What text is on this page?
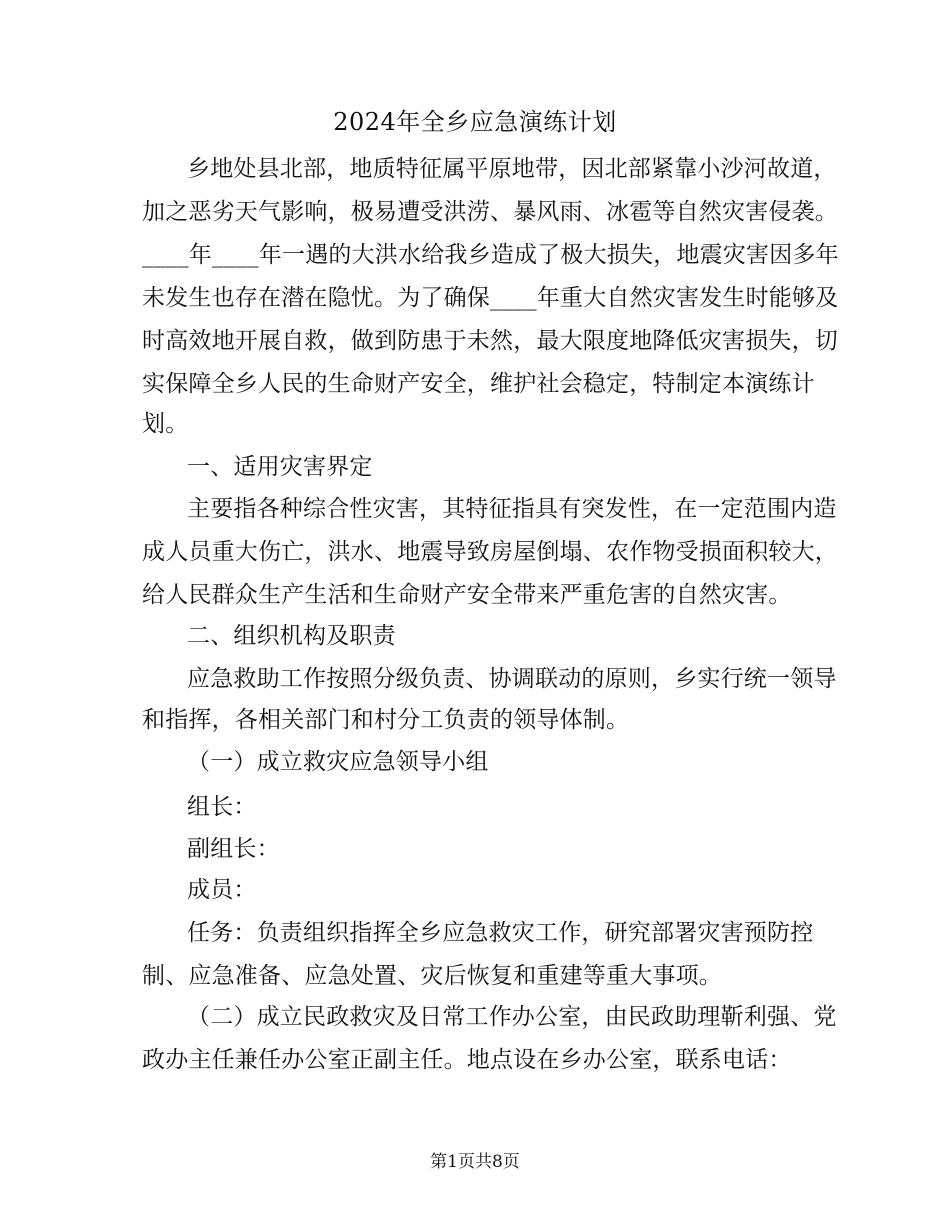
2024年全乡应急演练计划
乡地处县北部，地质特征属平原地带，因北部紧靠小沙河故道，
加之恶劣天气影响，极易遭受洪涝、暴风雨、冰雹等自然灾害侵袭。
____年____年一遇的大洪水给我乡造成了极大损失，地震灾害因多年
未发生也存在潜在隐忧。为了确保____年重大自然灾害发生时能够及
时高效地开展自救，做到防患于未然，最大限度地降低灾害损失，切
实保障全乡人民的生命财产安全，维护社会稳定，特制定本演练计
划。
一、适用灾害界定
主要指各种综合性灾害，其特征指具有突发性，在一定范围内造
成人员重大伤亡，洪水、地震导致房屋倒塌、农作物受损面积较大，
给人民群众生产生活和生命财产安全带来严重危害的自然灾害。
二、组织机构及职责
应急救助工作按照分级负责、协调联动的原则，乡实行统一领导
和指挥，各相关部门和村分工负责的领导体制。
（一）成立救灾应急领导小组
组长：
副组长：
成员：
任务：负责组织指挥全乡应急救灾工作，研究部署灾害预防控
制、应急准备、应急处置、灾后恢复和重建等重大事项。
（二）成立民政救灾及日常工作办公室，由民政助理靳利强、党
政办主任兼任办公室正副主任。地点设在乡办公室，联系电话：
第1页共8页
